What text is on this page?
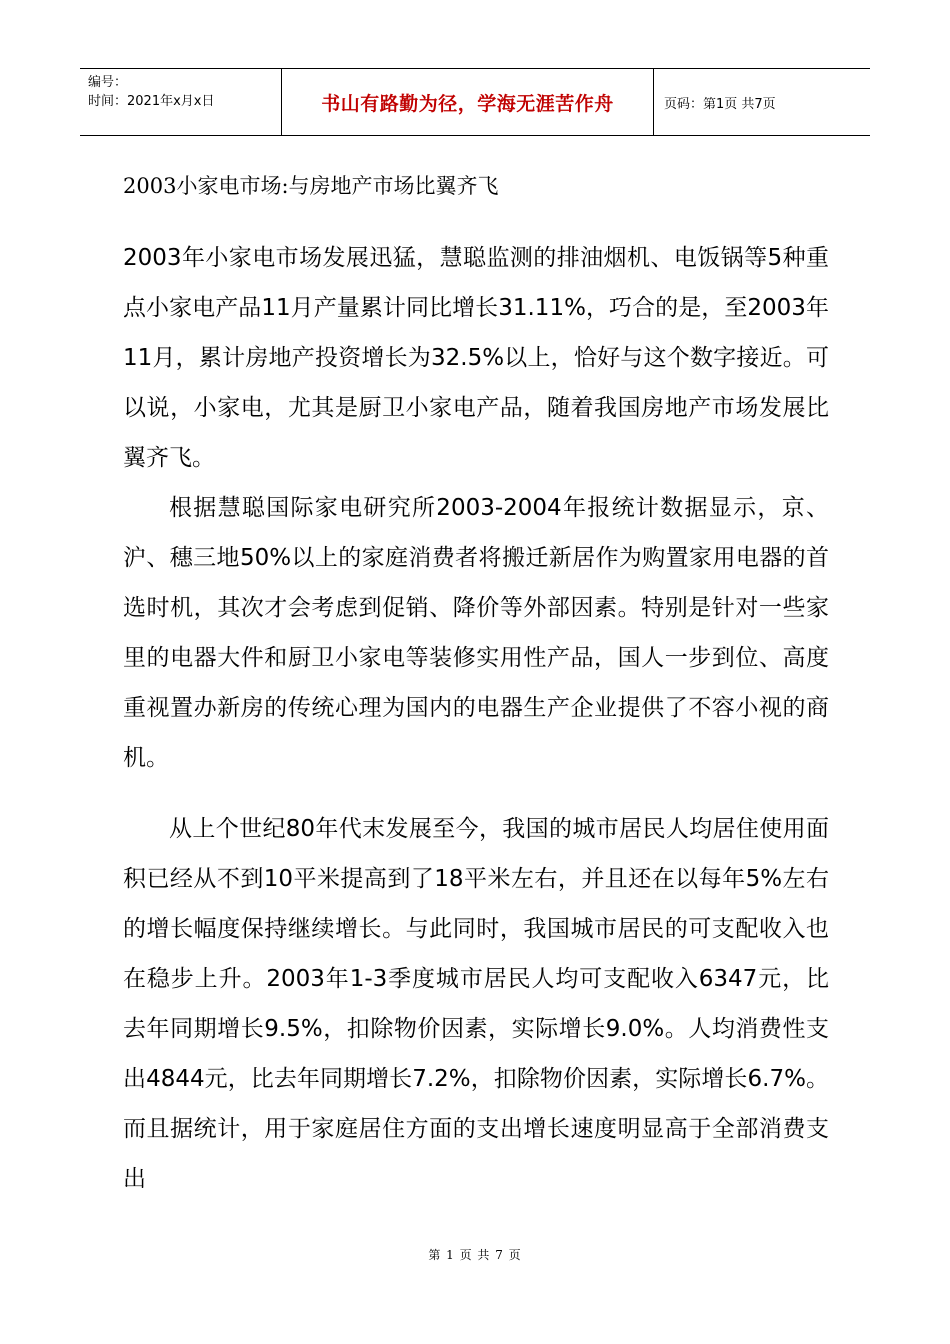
编号：
时间：2021年x月x日	书山有路勤为径，学海无涯苦作舟	页码：第1页 共7页
2003小家电市场:与房地产市场比翼齐飞
2003年小家电市场发展迅猛，慧聪监测的排油烟机、电饭锅等5种重点小家电产品11月产量累计同比增长31.11%，巧合的是，至2003年11月，累计房地产投资增长为32.5%以上，恰好与这个数字接近。可以说，小家电，尤其是厨卫小家电产品，随着我国房地产市场发展比翼齐飞。
根据慧聪国际家电研究所2003-2004年报统计数据显示，京、沪、穗三地50%以上的家庭消费者将搬迁新居作为购置家用电器的首选时机，其次才会考虑到促销、降价等外部因素。特别是针对一些家里的电器大件和厨卫小家电等装修实用性产品，国人一步到位、高度重视置办新房的传统心理为国内的电器生产企业提供了不容小视的商机。
从上个世纪80年代末发展至今，我国的城市居民人均居住使用面积已经从不到10平米提高到了18平米左右，并且还在以每年5%左右的增长幅度保持继续增长。与此同时，我国城市居民的可支配收入也在稳步上升。2003年1-3季度城市居民人均可支配收入6347元，比去年同期增长9.5%，扣除物价因素，实际增长9.0%。人均消费性支出4844元，比去年同期增长7.2%，扣除物价因素，实际增长6.7%。而且据统计，用于家庭居住方面的支出增长速度明显高于全部消费支出
第 1 页 共 7 页
